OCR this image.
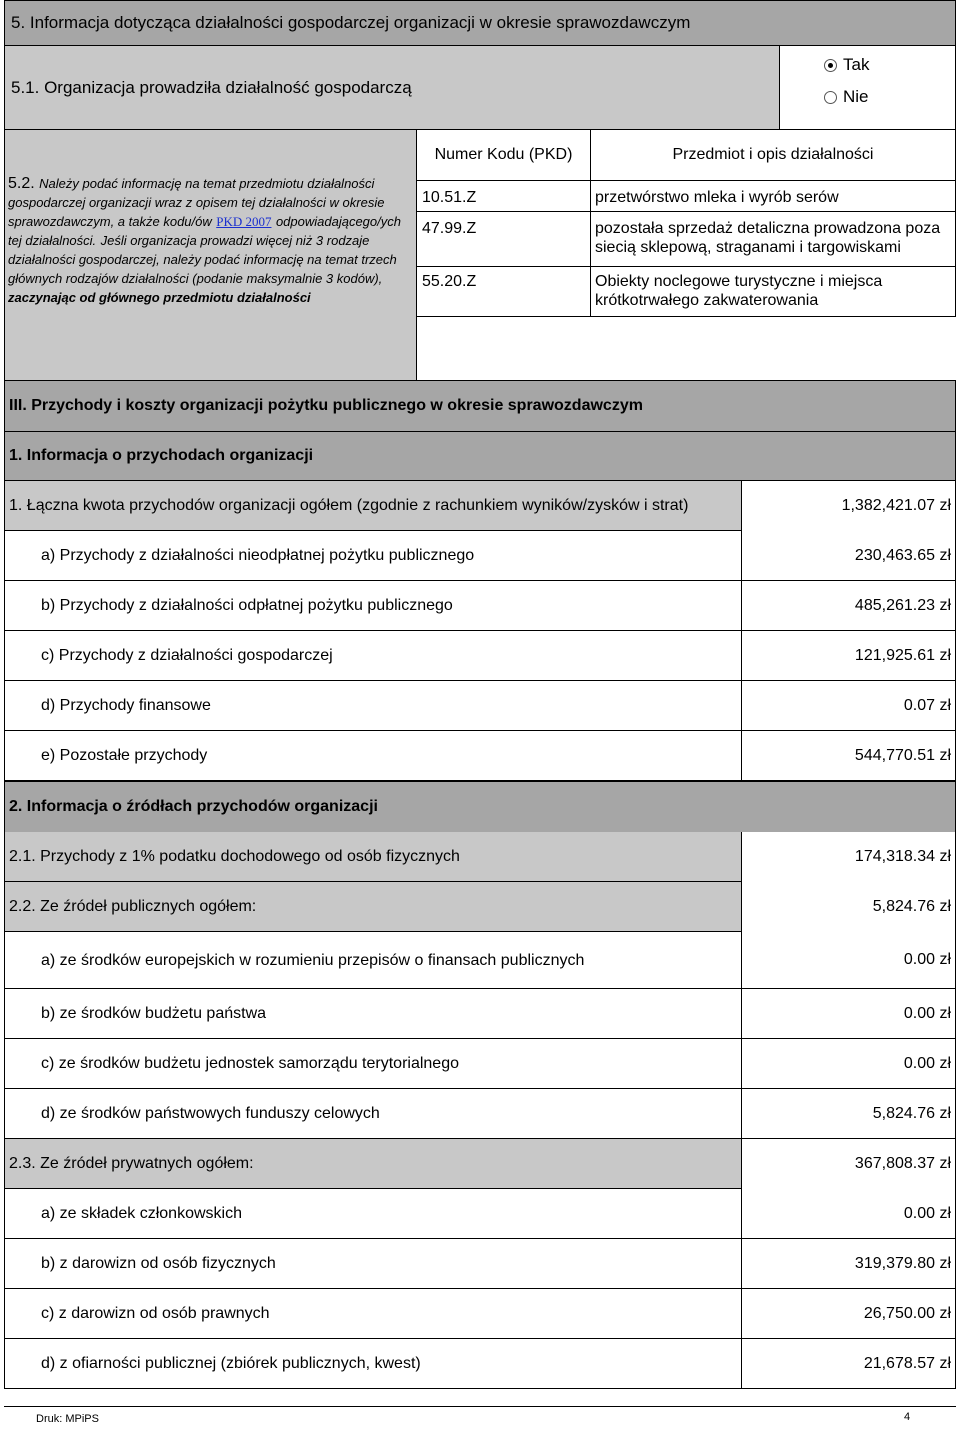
5. Informacja dotycząca działalności gospodarczej organizacji w okresie sprawozdawczym
5.1. Organizacja prowadziła działalność gospodarczą
Tak
Nie
5.2. Należy podać informację na temat przedmiotu działalności gospodarczej organizacji wraz z opisem tej działalności w okresie sprawozdawczym, a także kodu/ów PKD 2007 odpowiadającego/ych tej działalności. Jeśli organizacja prowadzi więcej niż 3 rodzaje działalności gospodarczej, należy podać informację na temat trzech głównych rodzajów działalności (podanie maksymalnie 3 kodów), zaczynając od głównego przedmiotu działalności
Numer Kodu (PKD)	Przedmiot i opis działalności
10.51.Z	przetwórstwo mleka i wyrób serów
47.99.Z	pozostała sprzedaż detaliczna prowadzona poza siecią sklepową, straganami i targowiskami
55.20.Z	Obiekty noclegowe turystyczne i miejsca krótkotrwałego zakwaterowania
III. Przychody i koszty organizacji pożytku publicznego w okresie sprawozdawczym
1. Informacja o przychodach organizacji
1. Łączna kwota przychodów organizacji ogółem (zgodnie z rachunkiem wyników/zysków i strat)	1,382,421.07 zł
a) Przychody z działalności nieodpłatnej pożytku publicznego	230,463.65 zł
b) Przychody z działalności odpłatnej pożytku publicznego	485,261.23 zł
c) Przychody z działalności gospodarczej	121,925.61 zł
d) Przychody finansowe	0.07 zł
e) Pozostałe przychody	544,770.51 zł
2. Informacja o źródłach przychodów organizacji
2.1. Przychody z 1% podatku dochodowego od osób fizycznych	174,318.34 zł
2.2. Ze źródeł publicznych ogółem:	5,824.76 zł
a) ze środków europejskich w rozumieniu przepisów o finansach publicznych	0.00 zł
b) ze środków budżetu państwa	0.00 zł
c) ze środków budżetu jednostek samorządu terytorialnego	0.00 zł
d) ze środków państwowych funduszy celowych	5,824.76 zł
2.3. Ze źródeł prywatnych ogółem:	367,808.37 zł
a) ze składek członkowskich	0.00 zł
b) z darowizn od osób fizycznych	319,379.80 zł
c) z darowizn od osób prawnych	26,750.00 zł
d) z ofiarności publicznej (zbiórek publicznych, kwest)	21,678.57 zł
Druk: MPiPS	4
